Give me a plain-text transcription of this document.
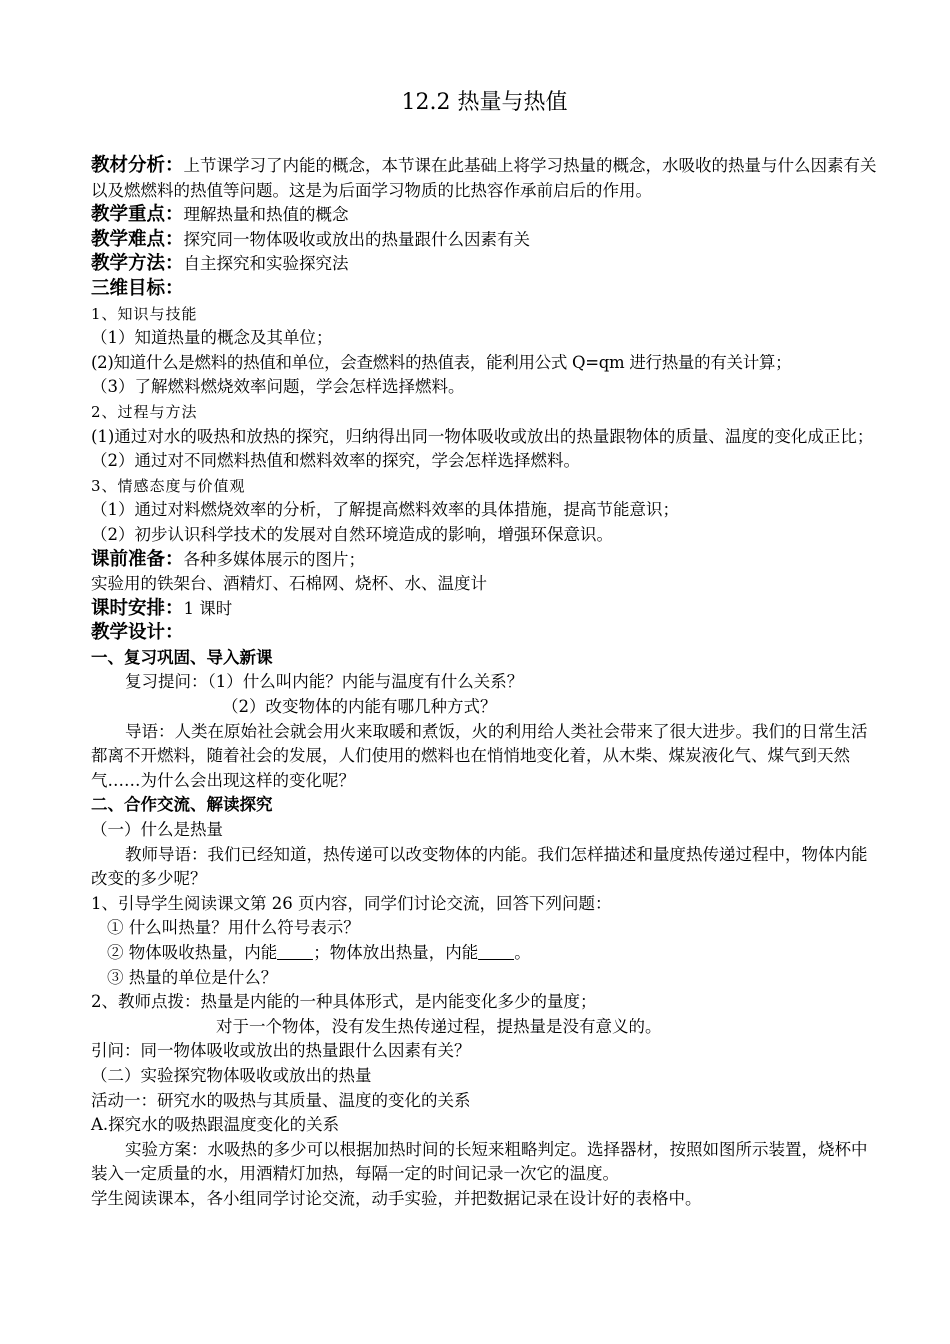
12.2 热量与热值
教材分析：上节课学习了内能的概念，本节课在此基础上将学习热量的概念，水吸收的热量与什么因素有关以及燃燃料的热值等问题。这是为后面学习物质的比热容作承前启后的作用。
教学重点：理解热量和热值的概念
教学难点：探究同一物体吸收或放出的热量跟什么因素有关
教学方法：自主探究和实验探究法
三维目标：
1、知识与技能
（1）知道热量的概念及其单位；
(2)知道什么是燃料的热值和单位，会查燃料的热值表，能利用公式 Q=qm 进行热量的有关计算；
（3）了解燃料燃烧效率问题，学会怎样选择燃料。
2、过程与方法
(1)通过对水的吸热和放热的探究，归纳得出同一物体吸收或放出的热量跟物体的质量、温度的变化成正比；
（2）通过对不同燃料热值和燃料效率的探究，学会怎样选择燃料。
3、情感态度与价值观
（1）通过对料燃烧效率的分析，了解提高燃料效率的具体措施，提高节能意识；
（2）初步认识科学技术的发展对自然环境造成的影响，增强环保意识。
课前准备：各种多媒体展示的图片；
实验用的铁架台、酒精灯、石棉网、烧杯、水、温度计
课时安排：1 课时
教学设计：
一、复习巩固、导入新课
复习提问：（1）什么叫内能？内能与温度有什么关系？
（2）改变物体的内能有哪几种方式？
导语：人类在原始社会就会用火来取暖和煮饭，火的利用给人类社会带来了很大进步。我们的日常生活都离不开燃料，随着社会的发展，人们使用的燃料也在悄悄地变化着，从木柴、煤炭液化气、煤气到天然气……为什么会出现这样的变化呢？
二、合作交流、解读探究
（一）什么是热量
教师导语：我们已经知道，热传递可以改变物体的内能。我们怎样描述和量度热传递过程中，物体内能改变的多少呢？
1、引导学生阅读课文第 26 页内容，同学们讨论交流，回答下列问题：
① 什么叫热量？用什么符号表示？
② 物体吸收热量，内能 ；物体放出热量，内能 。
③ 热量的单位是什么？
2、教师点拨：热量是内能的一种具体形式，是内能变化多少的量度；
对于一个物体，没有发生热传递过程，提热量是没有意义的。
引问：同一物体吸收或放出的热量跟什么因素有关？
（二）实验探究物体吸收或放出的热量
活动一：研究水的吸热与其质量、温度的变化的关系
A.探究水的吸热跟温度变化的关系
实验方案：水吸热的多少可以根据加热时间的长短来粗略判定。选择器材，按照如图所示装置，烧杯中装入一定质量的水，用酒精灯加热，每隔一定的时间记录一次它的温度。
学生阅读课本，各小组同学讨论交流，动手实验，并把数据记录在设计好的表格中。
